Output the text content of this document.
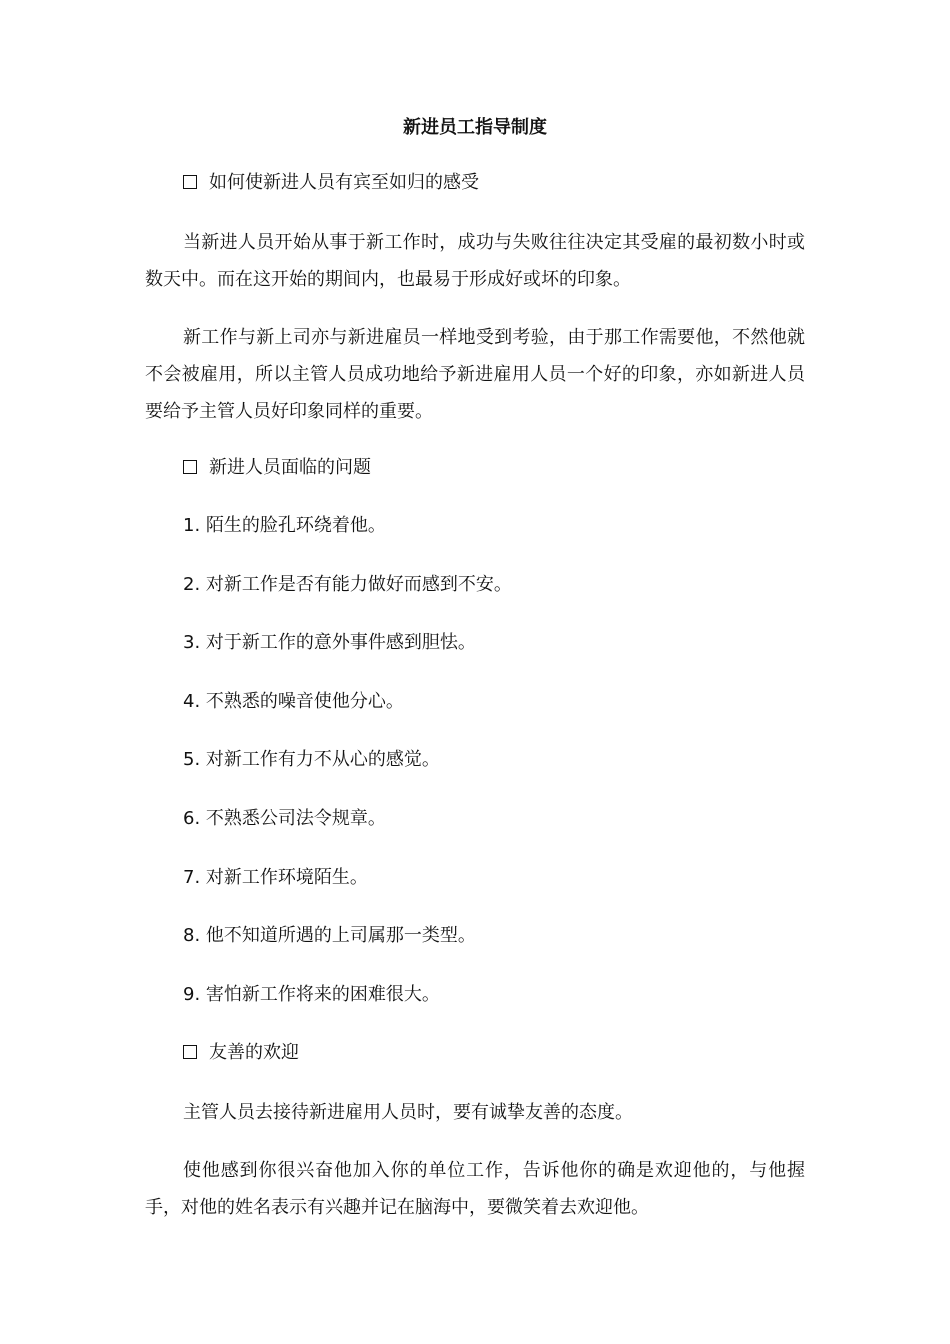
新进员工指导制度
如何使新进人员有宾至如归的感受

当新进人员开始从事于新工作时，成功与失败往往决定其受雇的最初数小时或数天中。而在这开始的期间内，也最易于形成好或坏的印象。

新工作与新上司亦与新进雇员一样地受到考验，由于那工作需要他，不然他就不会被雇用，所以主管人员成功地给予新进雇用人员一个好的印象，亦如新进人员要给予主管人员好印象同样的重要。

新进人员面临的问题
1. 陌生的脸孔环绕着他。
2. 对新工作是否有能力做好而感到不安。
3. 对于新工作的意外事件感到胆怯。
4. 不熟悉的噪音使他分心。
5. 对新工作有力不从心的感觉。
6. 不熟悉公司法令规章。
7. 对新工作环境陌生。
8. 他不知道所遇的上司属那一类型。
9. 害怕新工作将来的困难很大。
友善的欢迎

主管人员去接待新进雇用人员时，要有诚挚友善的态度。

使他感到你很兴奋他加入你的单位工作，告诉他你的确是欢迎他的，与他握手，对他的姓名表示有兴趣并记在脑海中，要微笑着去欢迎他。
